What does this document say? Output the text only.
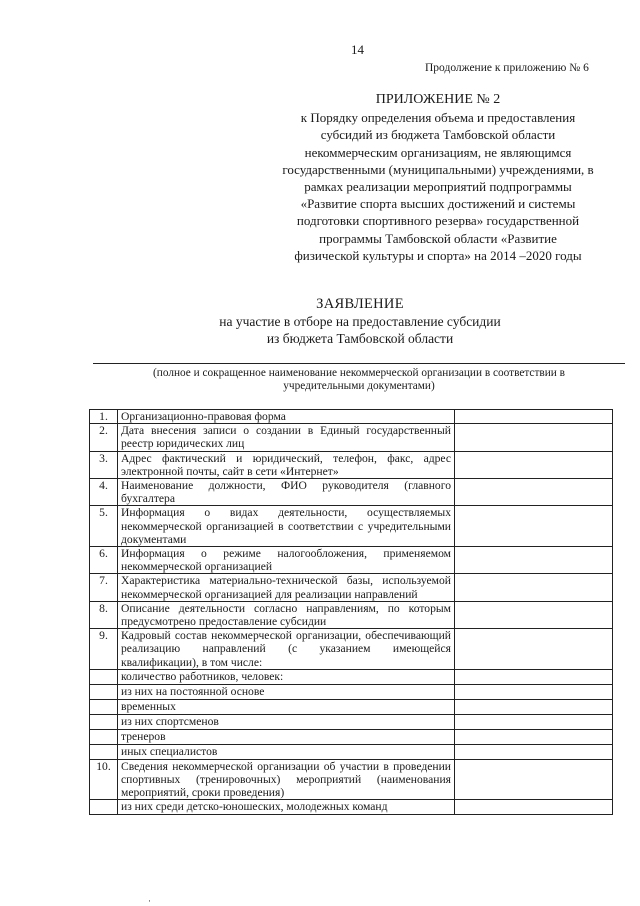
14
Продолжение к приложению № 6
ПРИЛОЖЕНИЕ № 2
к Порядку определения объема и предоставления
субсидий из бюджета Тамбовской области
некоммерческим организациям, не являющимся
государственными (муниципальными) учреждениями, в
рамках реализации мероприятий подпрограммы
«Развитие спорта высших достижений и системы
подготовки спортивного резерва» государственной
программы Тамбовской области «Развитие
физической культуры и спорта» на 2014 –2020 годы
ЗАЯВЛЕНИЕ
на участие в отборе на предоставление субсидии
из бюджета Тамбовской области
(полное и сокращенное наименование некоммерческой организации в соответствии в учредительными документами)
1.	Организационно-правовая форма	
2.	Дата внесения записи о создании в Единый государственный реестр юридических лиц	
3.	Адрес фактический и юридический, телефон, факс, адрес электронной почты, сайт в сети «Интернет»	
4.	Наименование должности, ФИО руководителя (главного бухгалтера	
5.	Информация о видах деятельности, осуществляемых некоммерческой организацией в соответствии с учредительными документами	
6.	Информация о режиме налогообложения, применяемом некоммерческой организацией	
7.	Характеристика материально-технической базы, используемой некоммерческой организацией для реализации направлений	
8.	Описание деятельности согласно направлениям, по которым предусмотрено предоставление субсидии	
9.	Кадровый состав некоммерческой организации, обеспечивающий реализацию направлений (с указанием имеющейся квалификации), в том числе:	
	количество работников, человек:	
	из них на постоянной основе	
	временных	
	из них спортсменов	
	тренеров	
	иных специалистов	
10.	Сведения некоммерческой организации об участии в проведении спортивных (тренировочных) мероприятий (наименования мероприятий, сроки проведения)	
	из них среди детско-юношеских, молодежных команд	
·
